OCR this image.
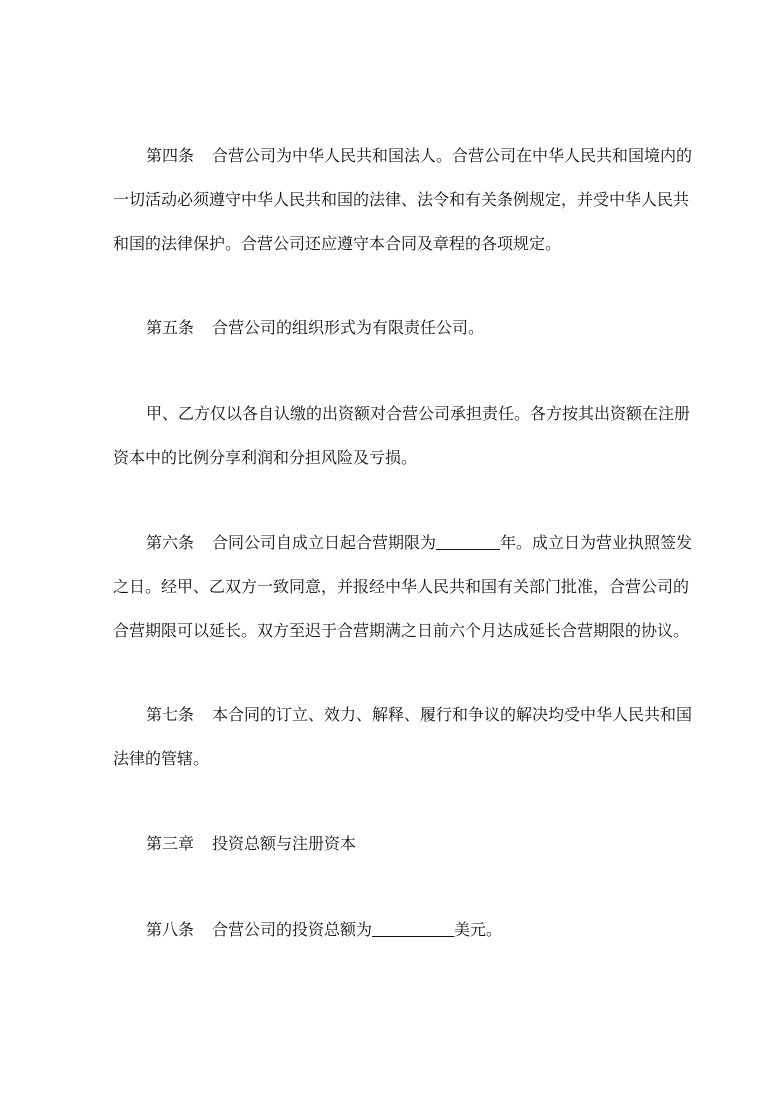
第四条 合营公司为中华人民共和国法人。合营公司在中华人民共和国境内的
一切活动必须遵守中华人民共和国的法律、法令和有关条例规定，并受中华人民共
和国的法律保护。合营公司还应遵守本合同及章程的各项规定。
第五条 合营公司的组织形式为有限责任公司。
甲、乙方仅以各自认缴的出资额对合营公司承担责任。各方按其出资额在注册
资本中的比例分享利润和分担风险及亏损。
第六条 合同公司自成立日起合营期限为	年。成立日为营业执照签发
之日。经甲、乙双方一致同意，并报经中华人民共和国有关部门批准，合营公司的
合营期限可以延长。双方至迟于合营期满之日前六个月达成延长合营期限的协议。
第七条 本合同的订立、效力、解释、履行和争议的解决均受中华人民共和国
法律的管辖。
第三章 投资总额与注册资本
第八条 合营公司的投资总额为	美元。
